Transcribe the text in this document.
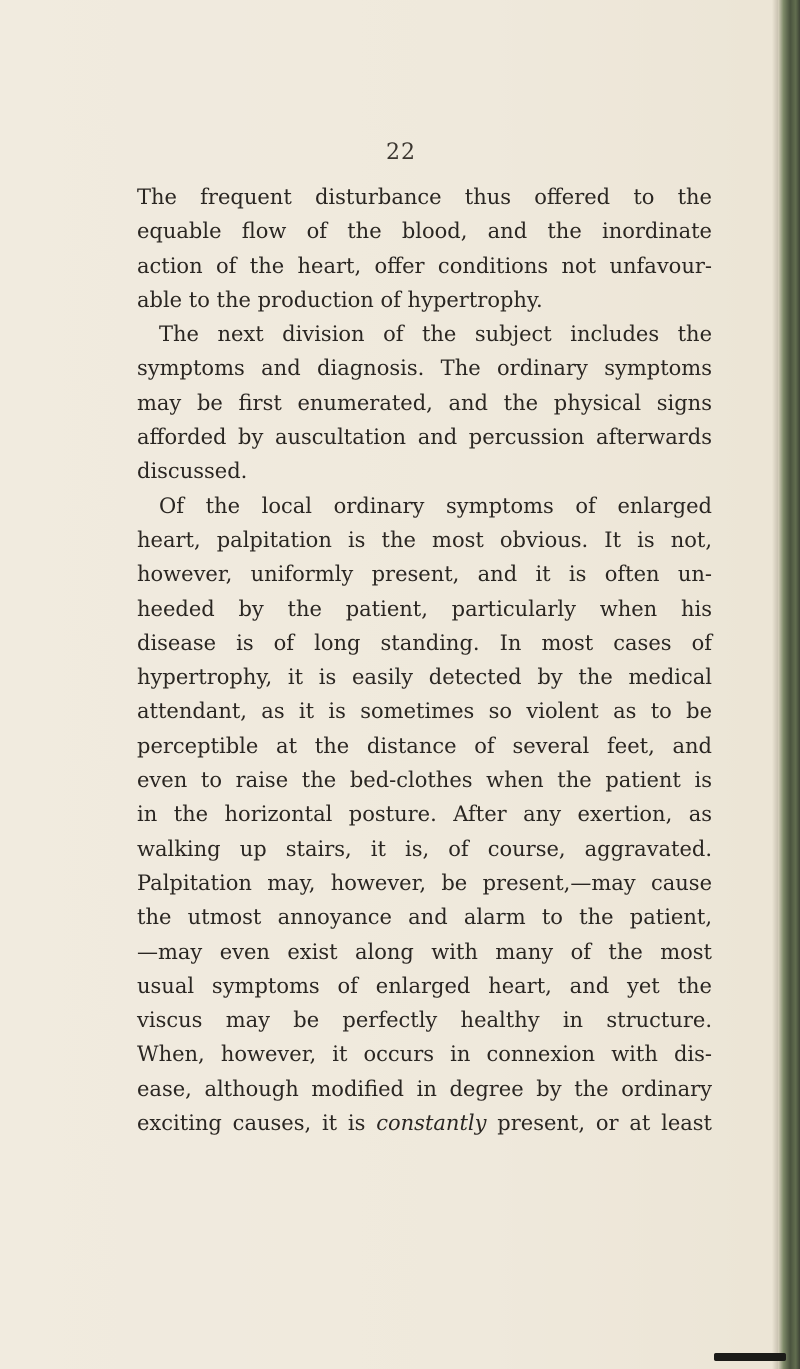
22
The frequent disturbance thus offered to the
equable flow of the blood, and the inordinate
action of the heart, offer conditions not unfavour-
able to the production of hypertrophy.
The next division of the subject includes the
symptoms and diagnosis. The ordinary symptoms
may be first enumerated, and the physical signs
afforded by auscultation and percussion afterwards
discussed.
Of the local ordinary symptoms of enlarged
heart, palpitation is the most obvious. It is not,
however, uniformly present, and it is often un-
heeded by the patient, particularly when his
disease is of long standing. In most cases of
hypertrophy, it is easily detected by the medical
attendant, as it is sometimes so violent as to be
perceptible at the distance of several feet, and
even to raise the bed-clothes when the patient is
in the horizontal posture. After any exertion, as
walking up stairs, it is, of course, aggravated.
Palpitation may, however, be present,—may cause
the utmost annoyance and alarm to the patient,
—may even exist along with many of the most
usual symptoms of enlarged heart, and yet the
viscus may be perfectly healthy in structure.
When, however, it occurs in connexion with dis-
ease, although modified in degree by the ordinary
exciting causes, it is constantly present, or at least
